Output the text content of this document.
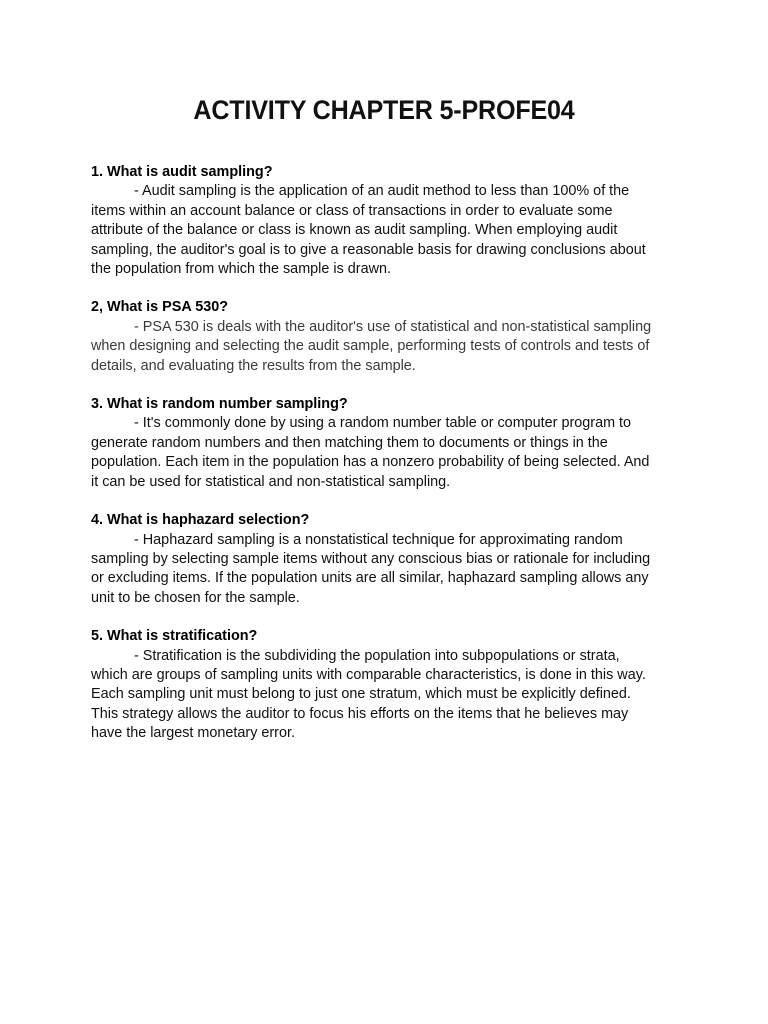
ACTIVITY CHAPTER 5-PROFE04

1. What is audit sampling?

- Audit sampling is the application of an audit method to less than 100% of the
items within an account balance or class of transactions in order to evaluate some
attribute of the balance or class is known as audit sampling. When employing audit
sampling, the auditor's goal is to give a reasonable basis for drawing conclusions about
the population from which the sample is drawn.

2, What is PSA 530?

- PSA 530 is deals with the auditor's use of statistical and non-statistical sampling
when designing and selecting the audit sample, performing tests of controls and tests of
details, and evaluating the results from the sample.

3. What is random number sampling?

- It's commonly done by using a random number table or computer program to
generate random numbers and then matching them to documents or things in the
population. Each item in the population has a nonzero probability of being selected. And
it can be used for statistical and non-statistical sampling.

4. What is haphazard selection?

- Haphazard sampling is a nonstatistical technique for approximating random
sampling by selecting sample items without any conscious bias or rationale for including
or excluding items. If the population units are all similar, haphazard sampling allows any
unit to be chosen for the sample.

5. What is stratification?

- Stratification is the subdividing the population into subpopulations or strata,
which are groups of sampling units with comparable characteristics, is done in this way.
Each sampling unit must belong to just one stratum, which must be explicitly defined.
This strategy allows the auditor to focus his efforts on the items that he believes may
have the largest monetary error.
